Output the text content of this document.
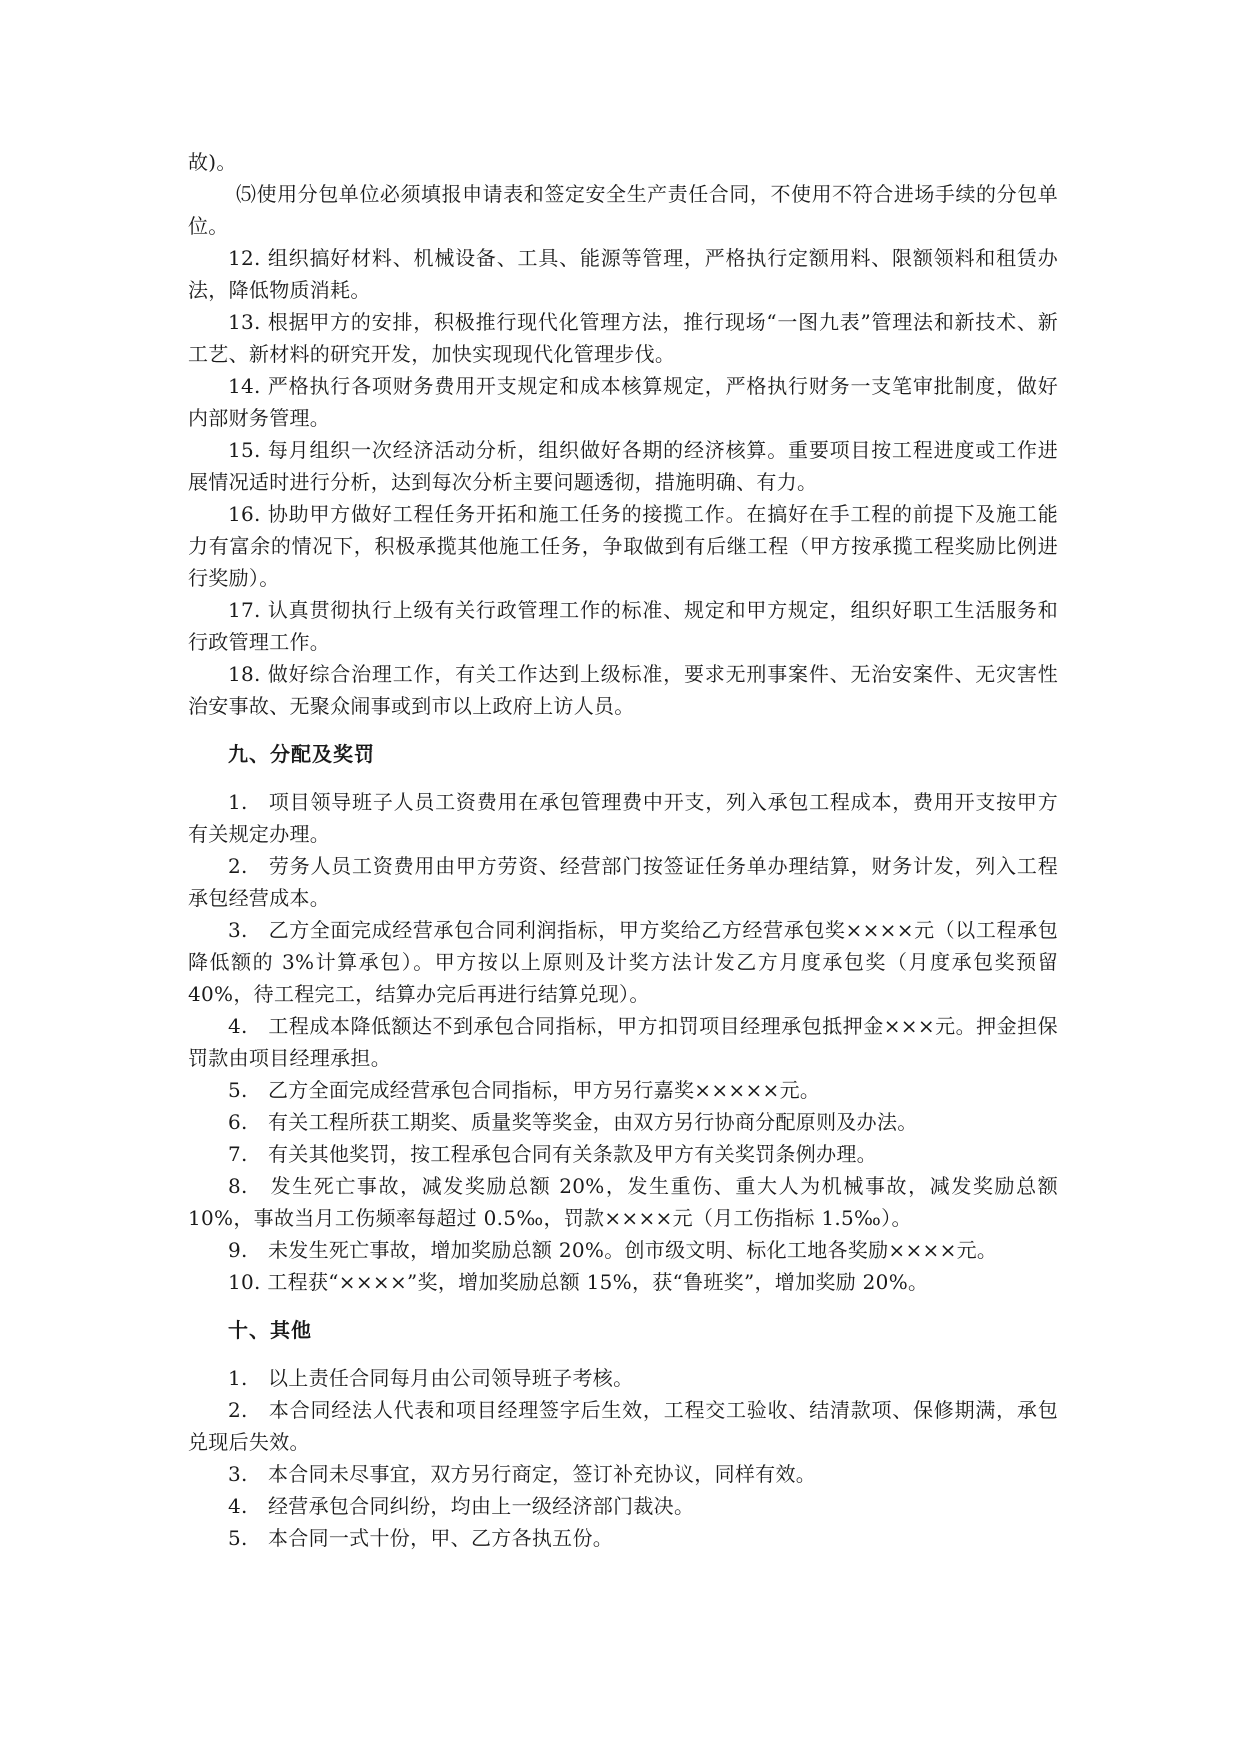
故)。

⑸使用分包单位必须填报申请表和签定安全生产责任合同，不使用不符合进场手续的分包单位。

12. 组织搞好材料、机械设备、工具、能源等管理，严格执行定额用料、限额领料和租赁办法，降低物质消耗。

13. 根据甲方的安排，积极推行现代化管理方法，推行现场“一图九表”管理法和新技术、新工艺、新材料的研究开发，加快实现现代化管理步伐。

14. 严格执行各项财务费用开支规定和成本核算规定，严格执行财务一支笔审批制度，做好内部财务管理。

15. 每月组织一次经济活动分析，组织做好各期的经济核算。重要项目按工程进度或工作进展情况适时进行分析，达到每次分析主要问题透彻，措施明确、有力。

16. 协助甲方做好工程任务开拓和施工任务的接揽工作。在搞好在手工程的前提下及施工能力有富余的情况下，积极承揽其他施工任务，争取做到有后继工程（甲方按承揽工程奖励比例进行奖励）。

17. 认真贯彻执行上级有关行政管理工作的标准、规定和甲方规定，组织好职工生活服务和行政管理工作。

18. 做好综合治理工作，有关工作达到上级标准，要求无刑事案件、无治安案件、无灾害性治安事故、无聚众闹事或到市以上政府上访人员。

九、分配及奖罚

1.　项目领导班子人员工资费用在承包管理费中开支，列入承包工程成本，费用开支按甲方有关规定办理。

2.　劳务人员工资费用由甲方劳资、经营部门按签证任务单办理结算，财务计发，列入工程承包经营成本。

3.　乙方全面完成经营承包合同利润指标，甲方奖给乙方经营承包奖××××元（以工程承包降低额的 3%计算承包）。甲方按以上原则及计奖方法计发乙方月度承包奖（月度承包奖预留 40%，待工程完工，结算办完后再进行结算兑现）。

4.　工程成本降低额达不到承包合同指标，甲方扣罚项目经理承包抵押金×××元。押金担保罚款由项目经理承担。

5.　乙方全面完成经营承包合同指标，甲方另行嘉奖×××××元。

6.　有关工程所获工期奖、质量奖等奖金，由双方另行协商分配原则及办法。

7.　有关其他奖罚，按工程承包合同有关条款及甲方有关奖罚条例办理。

8.　发生死亡事故，减发奖励总额 20%，发生重伤、重大人为机械事故，减发奖励总额 10%，事故当月工伤频率每超过 0.5‰，罚款××××元（月工伤指标 1.5‰）。

9.　未发生死亡事故，增加奖励总额 20%。创市级文明、标化工地各奖励××××元。

10. 工程获“××××”奖，增加奖励总额 15%，获“鲁班奖”，增加奖励 20%。

十、其他

1.　以上责任合同每月由公司领导班子考核。

2.　本合同经法人代表和项目经理签字后生效，工程交工验收、结清款项、保修期满，承包兑现后失效。

3.　本合同未尽事宜，双方另行商定，签订补充协议，同样有效。

4.　经营承包合同纠纷，均由上一级经济部门裁决。

5.　本合同一式十份，甲、乙方各执五份。
